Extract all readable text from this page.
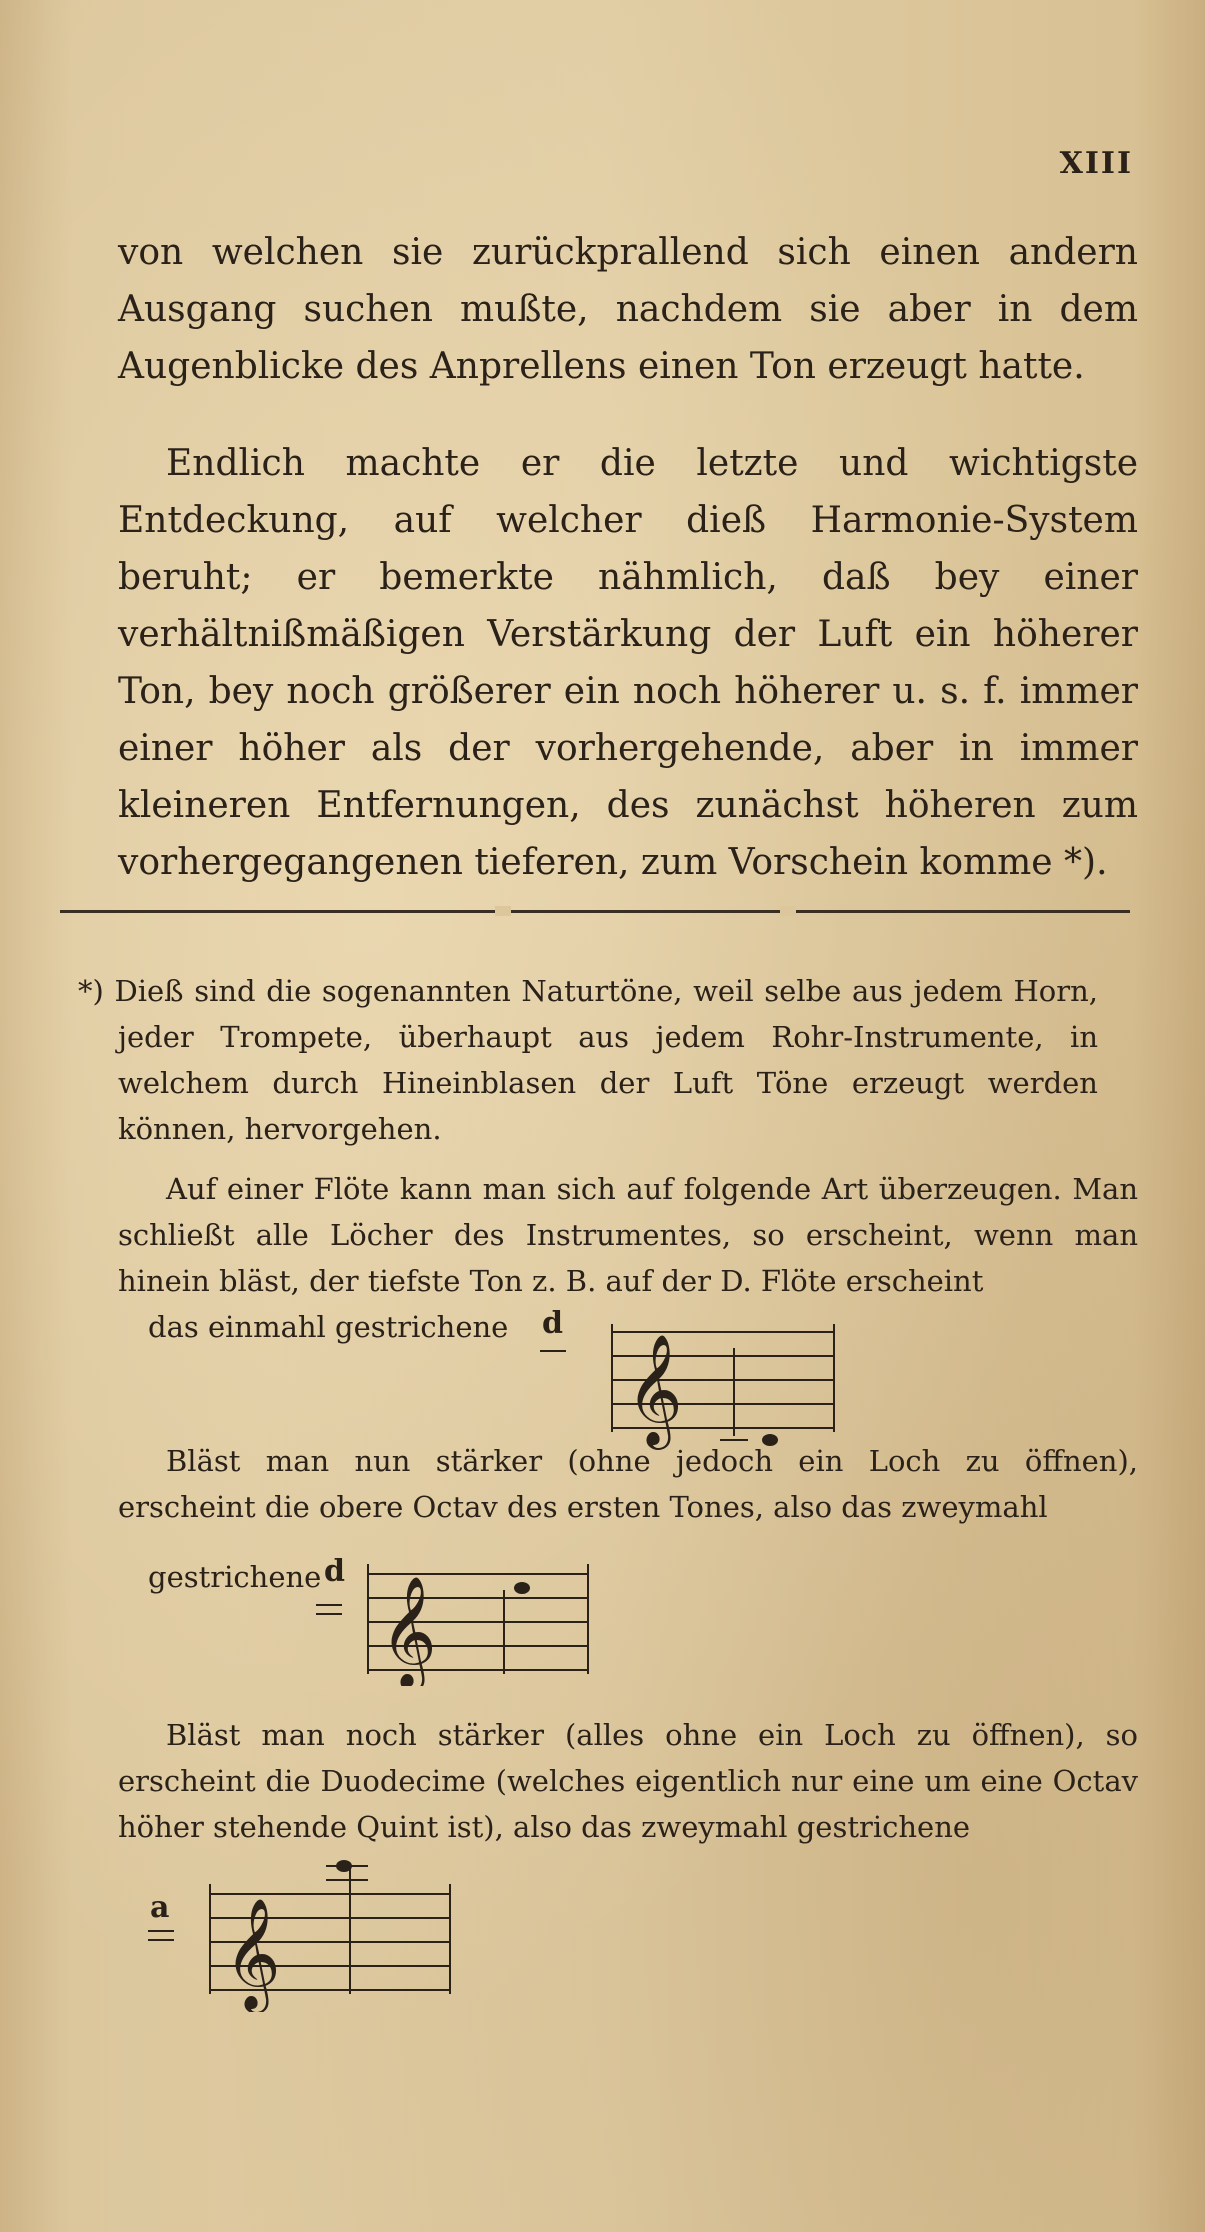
XIII

von welchen sie zurückprallend sich einen andern Ausgang suchen mußte, nachdem sie aber in dem Augenblicke des Anprellens einen Ton erzeugt hatte.

Endlich machte er die letzte und wichtigste Entdeckung, auf welcher dieß Harmonie-System beruht; er bemerkte nähmlich, daß bey einer verhältnißmäßigen Verstärkung der Luft ein höherer Ton, bey noch größerer ein noch höherer u. s. f. immer einer höher als der vorhergehende, aber in immer kleineren Entfernungen, des zunächst höheren zum vorhergegangenen tieferen, zum Vorschein komme *).

*) Dieß sind die sogenannten Naturtöne, weil selbe aus jedem Horn, jeder Trompete, überhaupt aus jedem Rohr-Instrumente, in welchem durch Hineinblasen der Luft Töne erzeugt werden können, hervorgehen.

Auf einer Flöte kann man sich auf folgende Art überzeugen. Man schließt alle Löcher des Instrumentes, so erscheint, wenn man hinein bläst, der tiefste Ton z. B. auf der D. Flöte erscheint

das einmahl gestrichene d
𝄞

Bläst man nun stärker (ohne jedoch ein Loch zu öffnen), erscheint die obere Octav des ersten Tones, also das zweymahl

gestrichene d
𝄞

Bläst man noch stärker (alles ohne ein Loch zu öffnen), so erscheint die Duodecime (welches eigentlich nur eine um eine Octav höher stehende Quint ist), also das zweymahl gestrichene

a 𝄞
